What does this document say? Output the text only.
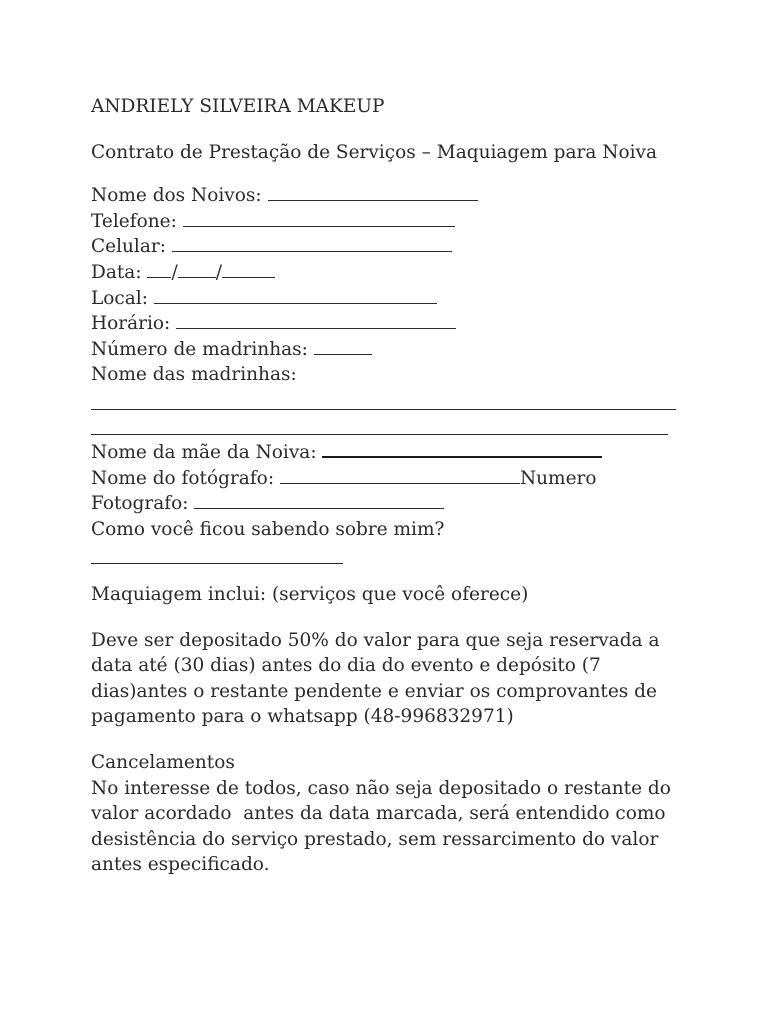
ANDRIELY SILVEIRA MAKEUP
Contrato de Prestação de Serviços – Maquiagem para Noiva
Nome dos Noivos:
Telefone:
Celular:
Data: / /
Local:
Horário:
Número de madrinhas:
Nome das madrinhas:
Nome da mãe da Noiva:
Nome do fotógrafo:	Numero
Fotografo:
Como você ficou sabendo sobre mim?
Maquiagem inclui: (serviços que você oferece)
Deve ser depositado 50% do valor para que seja reservada a
data até (30 dias) antes do dia do evento e depósito (7
dias)antes o restante pendente e enviar os comprovantes de
pagamento para o whatsapp (48-996832971)
Cancelamentos
No interesse de todos, caso não seja depositado o restante do
valor acordado  antes da data marcada, será entendido como
desistência do serviço prestado, sem ressarcimento do valor
antes especificado.
